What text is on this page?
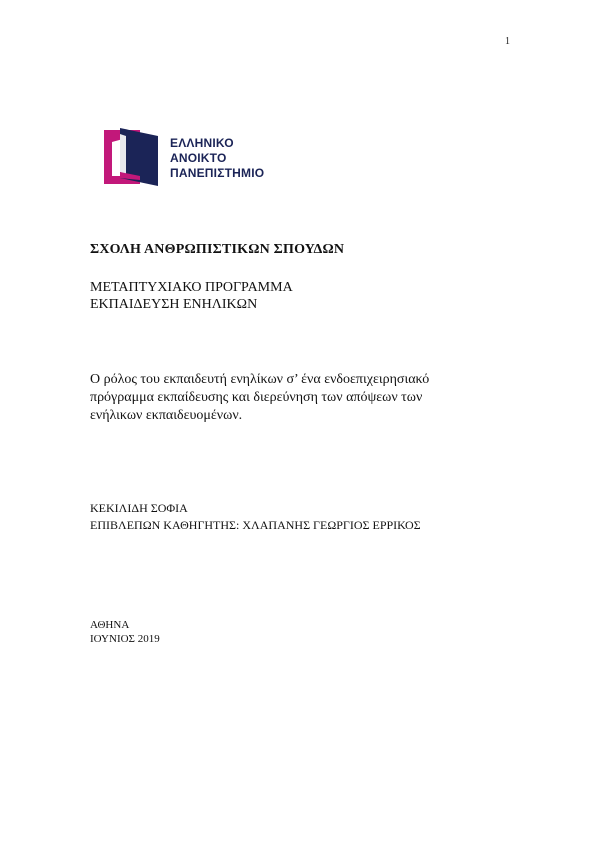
1
ΕΛΛΗΝΙΚΟ
ΑΝΟΙΚΤΟ
ΠΑΝΕΠΙΣΤΗΜΙΟ
ΣΧΟΛΗ ΑΝΘΡΩΠΙΣΤΙΚΩΝ ΣΠΟΥΔΩΝ
ΜΕΤΑΠΤΥΧΙΑΚΟ ΠΡΟΓΡΑΜΜΑ
ΕΚΠΑΙΔΕΥΣΗ ΕΝΗΛΙΚΩΝ
Ο ρόλος του εκπαιδευτή ενηλίκων σ’ ένα ενδοεπιχειρησιακό
πρόγραμμα εκπαίδευσης και διερεύνηση των απόψεων των
ενήλικων εκπαιδευομένων.
ΚΕΚΙΛΙΔΗ ΣΟΦΙΑ
ΕΠΙΒΛΕΠΩΝ ΚΑΘΗΓΗΤΗΣ: ΧΛΑΠΑΝΗΣ ΓΕΩΡΓΙΟΣ ΕΡΡΙΚΟΣ
ΑΘΗΝΑ
ΙΟΥΝΙΟΣ 2019
